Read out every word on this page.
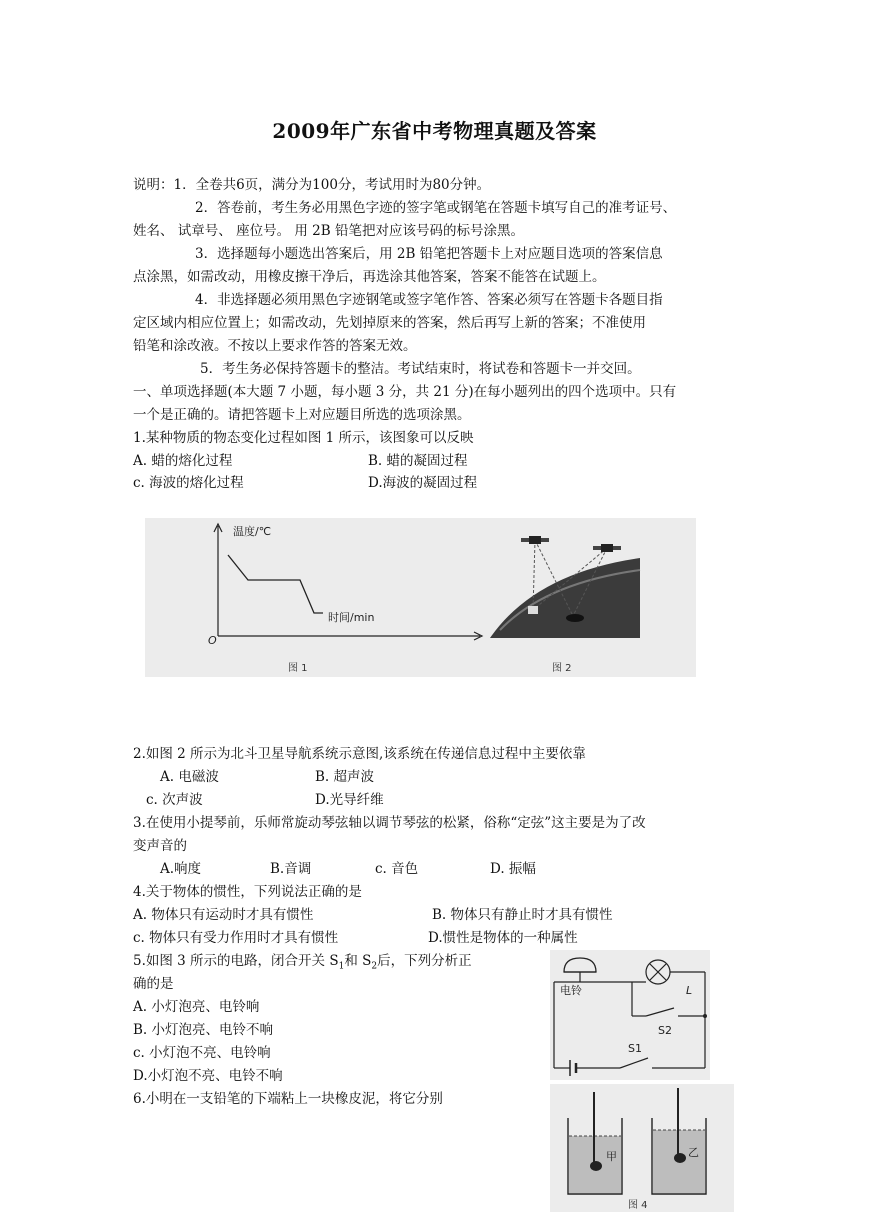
2009年广东省中考物理真题及答案
说明：1．全卷共6页，满分为100分，考试用时为80分钟。
2．答卷前，考生务必用黑色字迹的签字笔或钢笔在答题卡填写自己的准考证号、
姓名、 试章号、 座位号。 用 2B 铅笔把对应该号码的标号涂黑。
3．选择题每小题选出答案后，用 2B 铅笔把答题卡上对应题目选项的答案信息
点涂黑，如需改动，用橡皮擦干净后，再选涂其他答案，答案不能答在试题上。
4．非选择题必须用黑色字迹钢笔或签字笔作答、答案必须写在答题卡各题目指
定区域内相应位置上；如需改动，先划掉原来的答案，然后再写上新的答案；不准使用
铅笔和涂改液。不按以上要求作答的答案无效。
5．考生务必保持答题卡的整洁。考试结束时，将试卷和答题卡一并交回。
一、单项选择题(本大题 7 小题，每小题 3 分，共 21 分)在每小题列出的四个选项中。只有
一个是正确的。请把答题卡上对应题目所选的选项涂黑。
1.某种物质的物态变化过程如图 1 所示，该图象可以反映
A. 蜡的熔化过程	B. 蜡的凝固过程
c. 海波的熔化过程	D.海波的凝固过程
温度/℃
时间/min
O
图 1	图 2
2.如图 2 所示为北斗卫星导航系统示意图,该系统在传递信息过程中主要依靠
A. 电磁波	B. 超声波
c. 次声波	D.光导纤维
3.在使用小提琴前，乐师常旋动琴弦轴以调节琴弦的松紧，俗称“定弦”这主要是为了改
变声音的
A.响度	B.音调	c. 音色	D. 振幅
4.关于物体的惯性，下列说法正确的是
A. 物体只有运动时才具有惯性	B. 物体只有静止时才具有惯性
c. 物体只有受力作用时才具有惯性	D.惯性是物体的一种属性
5.如图 3 所示的电路，闭合开关 $S_1$和 $S_2$后，下列分析正
确的是
A. 小灯泡亮、电铃响
B. 小灯泡亮、电铃不响
c. 小灯泡不亮、电铃响
D.小灯泡不亮、电铃不响
电铃	L
S2
S1
6.小明在一支铅笔的下端粘上一块橡皮泥，将它分别
甲	乙
图 4
